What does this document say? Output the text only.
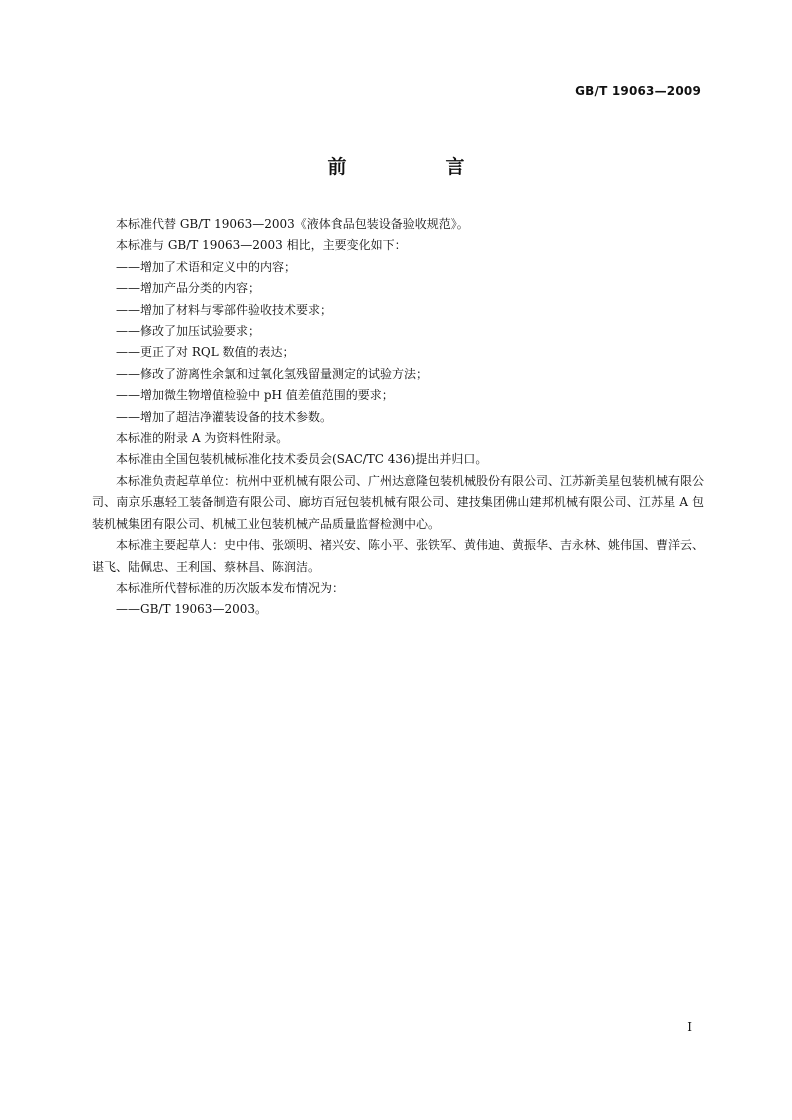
GB/T 19063—2009
前　言

本标准代替 GB/T 19063—2003《液体食品包装设备验收规范》。

本标准与 GB/T 19063—2003 相比，主要变化如下：

——增加了术语和定义中的内容；
——增加产品分类的内容；
——增加了材料与零部件验收技术要求；
——修改了加压试验要求；
——更正了对 RQL 数值的表达；
——修改了游离性余氯和过氧化氢残留量测定的试验方法；
——增加微生物增值检验中 pH 值差值范围的要求；
——增加了超洁净灌装设备的技术参数。

本标准的附录 A 为资料性附录。

本标准由全国包装机械标准化技术委员会(SAC/TC 436)提出并归口。

本标准负责起草单位：杭州中亚机械有限公司、广州达意隆包装机械股份有限公司、江苏新美星包装机械有限公司、南京乐惠轻工装备制造有限公司、廊坊百冠包装机械有限公司、建技集团佛山建邦机械有限公司、江苏星 A 包装机械集团有限公司、机械工业包装机械产品质量监督检测中心。

本标准主要起草人：史中伟、张颂明、褚兴安、陈小平、张铁军、黄伟迪、黄振华、吉永林、姚伟国、曹洋云、谌飞、陆佩忠、王利国、蔡林昌、陈润洁。

本标准所代替标准的历次版本发布情况为：

——GB/T 19063—2003。
I
